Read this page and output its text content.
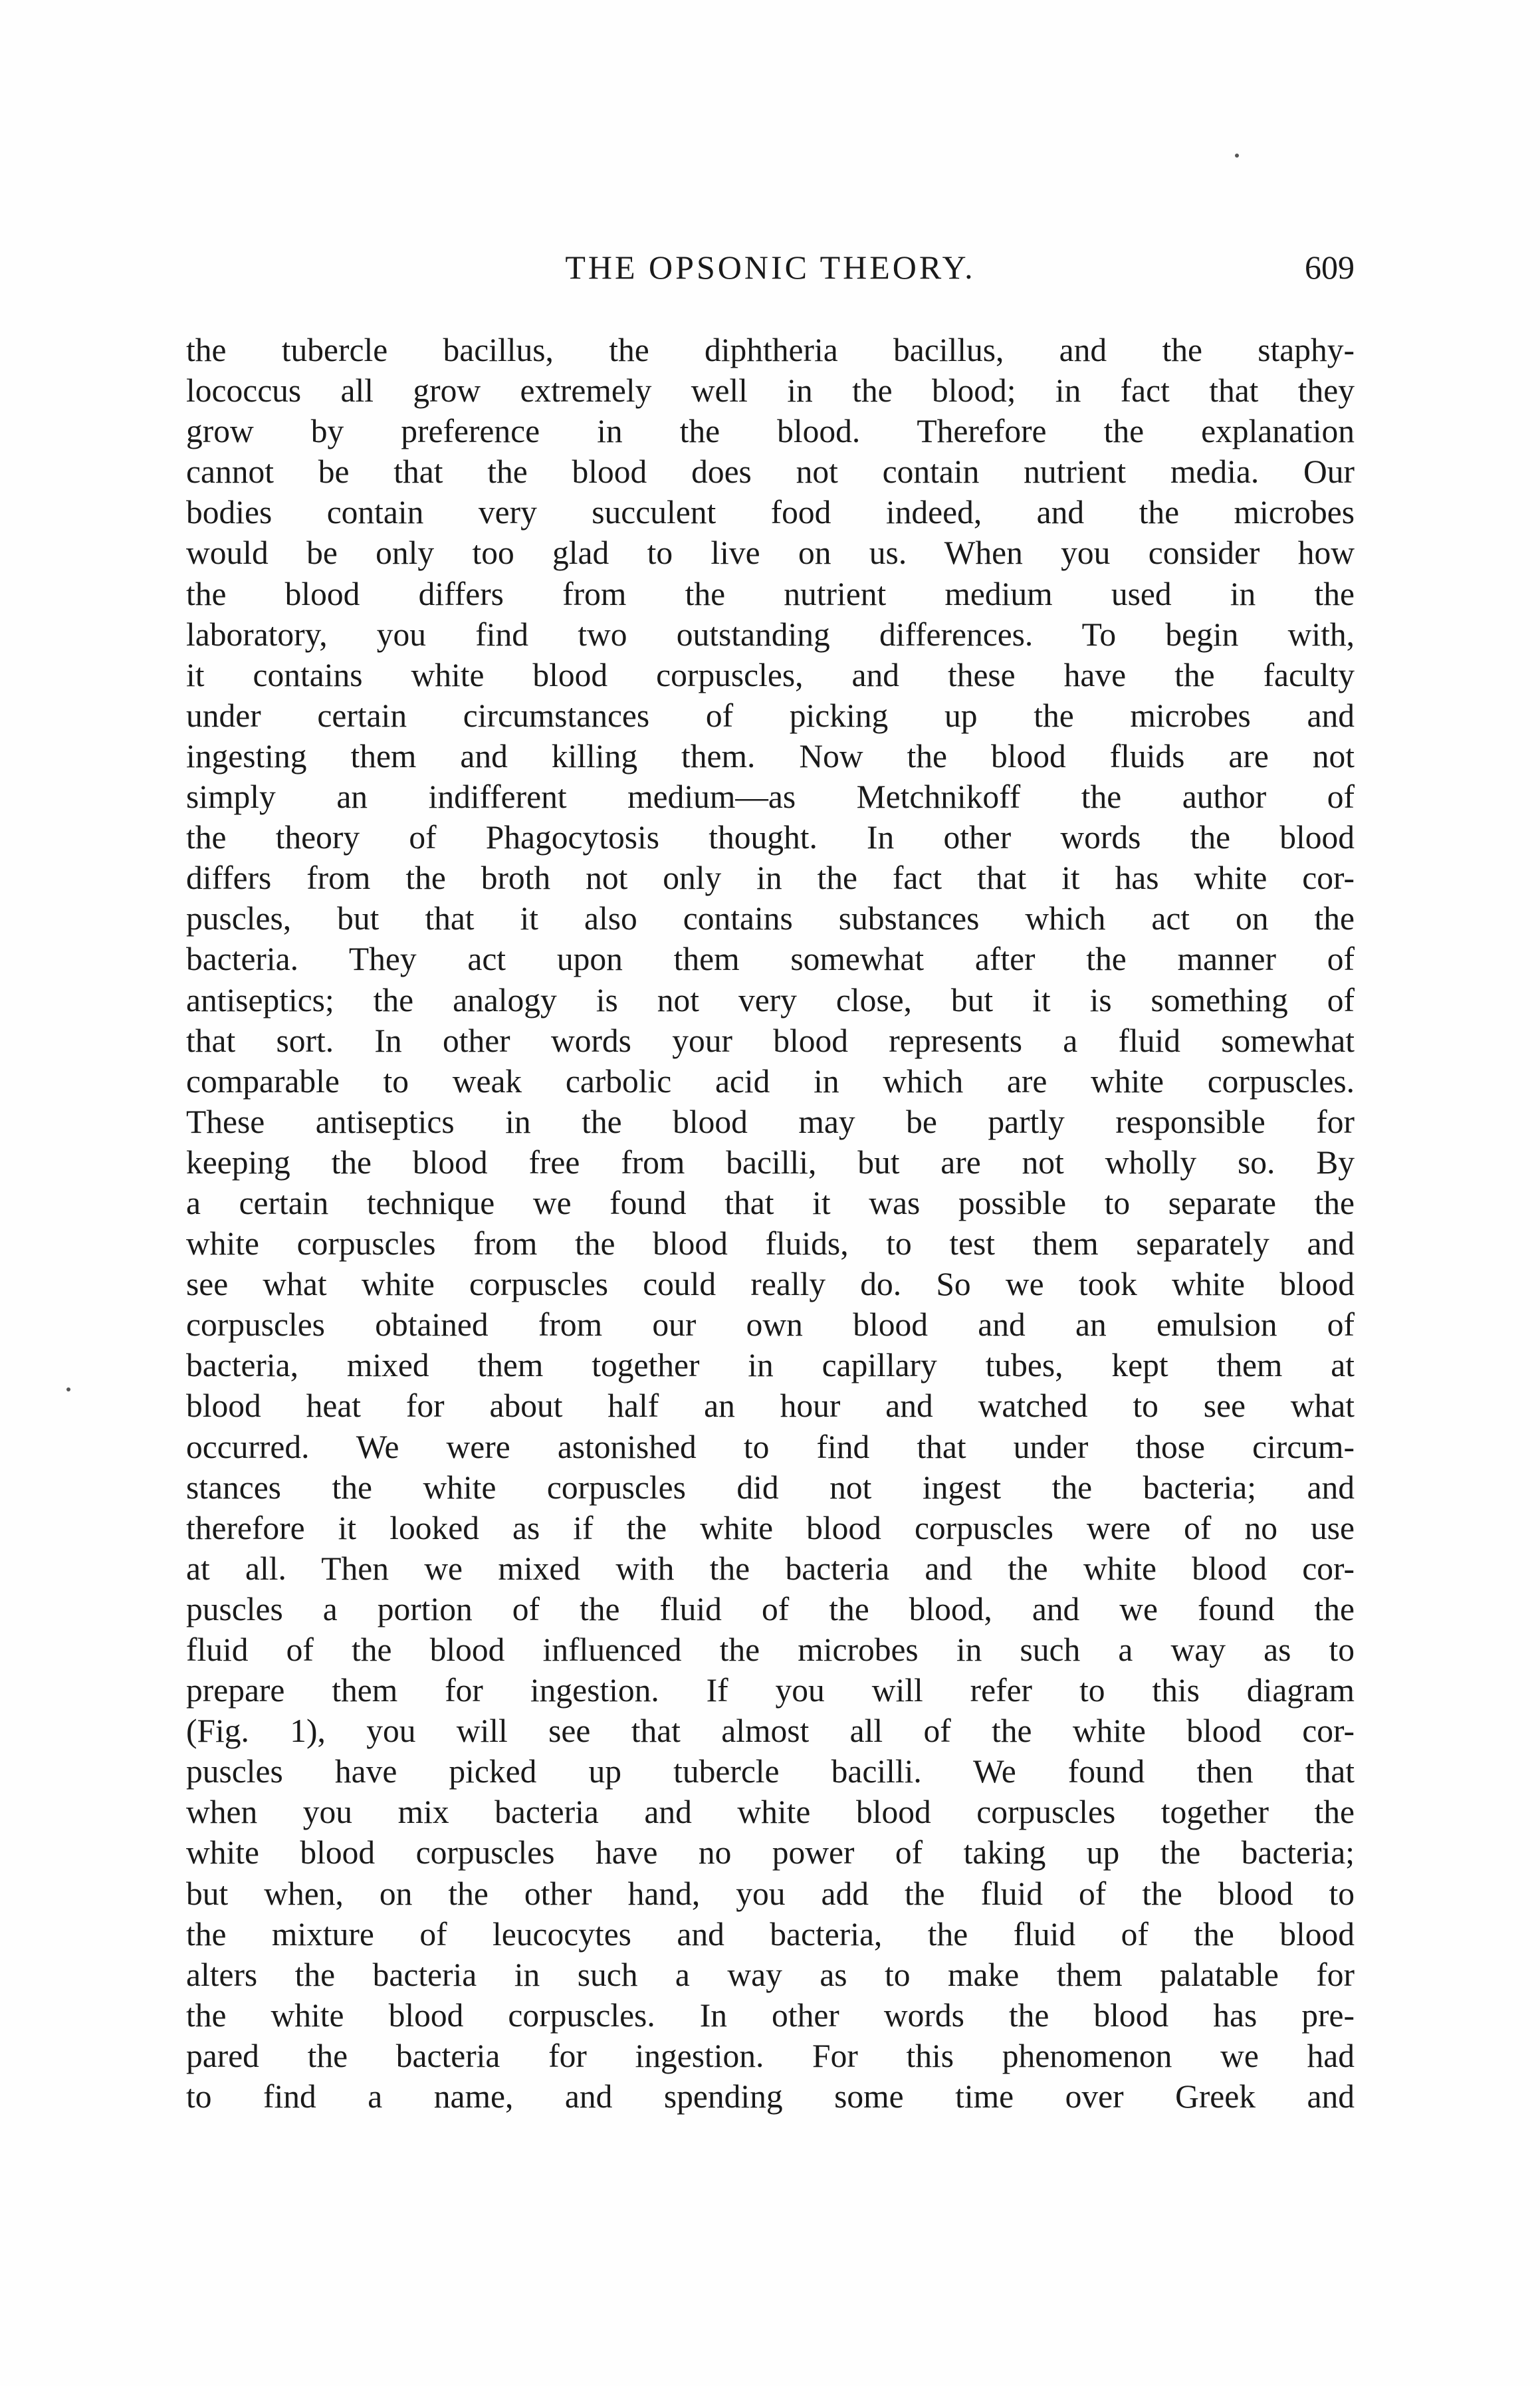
THE OPSONIC THEORY.	609
the tubercle bacillus, the diphtheria bacillus, and the staphy-
lococcus all grow extremely well in the blood; in fact that they
grow by preference in the blood. Therefore the explanation
cannot be that the blood does not contain nutrient media. Our
bodies contain very succulent food indeed, and the microbes
would be only too glad to live on us. When you consider how
the blood differs from the nutrient medium used in the
laboratory, you find two outstanding differences. To begin with,
it contains white blood corpuscles, and these have the faculty
under certain circumstances of picking up the microbes and
ingesting them and killing them. Now the blood fluids are not
simply an indifferent medium—as Metchnikoff the author of
the theory of Phagocytosis thought. In other words the blood
differs from the broth not only in the fact that it has white cor-
puscles, but that it also contains substances which act on the
bacteria. They act upon them somewhat after the manner of
antiseptics; the analogy is not very close, but it is something of
that sort. In other words your blood represents a fluid somewhat
comparable to weak carbolic acid in which are white corpuscles.
These antiseptics in the blood may be partly responsible for
keeping the blood free from bacilli, but are not wholly so. By
a certain technique we found that it was possible to separate the
white corpuscles from the blood fluids, to test them separately and
see what white corpuscles could really do. So we took white blood
corpuscles obtained from our own blood and an emulsion of
bacteria, mixed them together in capillary tubes, kept them at
blood heat for about half an hour and watched to see what
occurred. We were astonished to find that under those circum-
stances the white corpuscles did not ingest the bacteria; and
therefore it looked as if the white blood corpuscles were of no use
at all. Then we mixed with the bacteria and the white blood cor-
puscles a portion of the fluid of the blood, and we found the
fluid of the blood influenced the microbes in such a way as to
prepare them for ingestion. If you will refer to this diagram
(Fig. 1), you will see that almost all of the white blood cor-
puscles have picked up tubercle bacilli. We found then that
when you mix bacteria and white blood corpuscles together the
white blood corpuscles have no power of taking up the bacteria;
but when, on the other hand, you add the fluid of the blood to
the mixture of leucocytes and bacteria, the fluid of the blood
alters the bacteria in such a way as to make them palatable for
the white blood corpuscles. In other words the blood has pre-
pared the bacteria for ingestion. For this phenomenon we had
to find a name, and spending some time over Greek and
